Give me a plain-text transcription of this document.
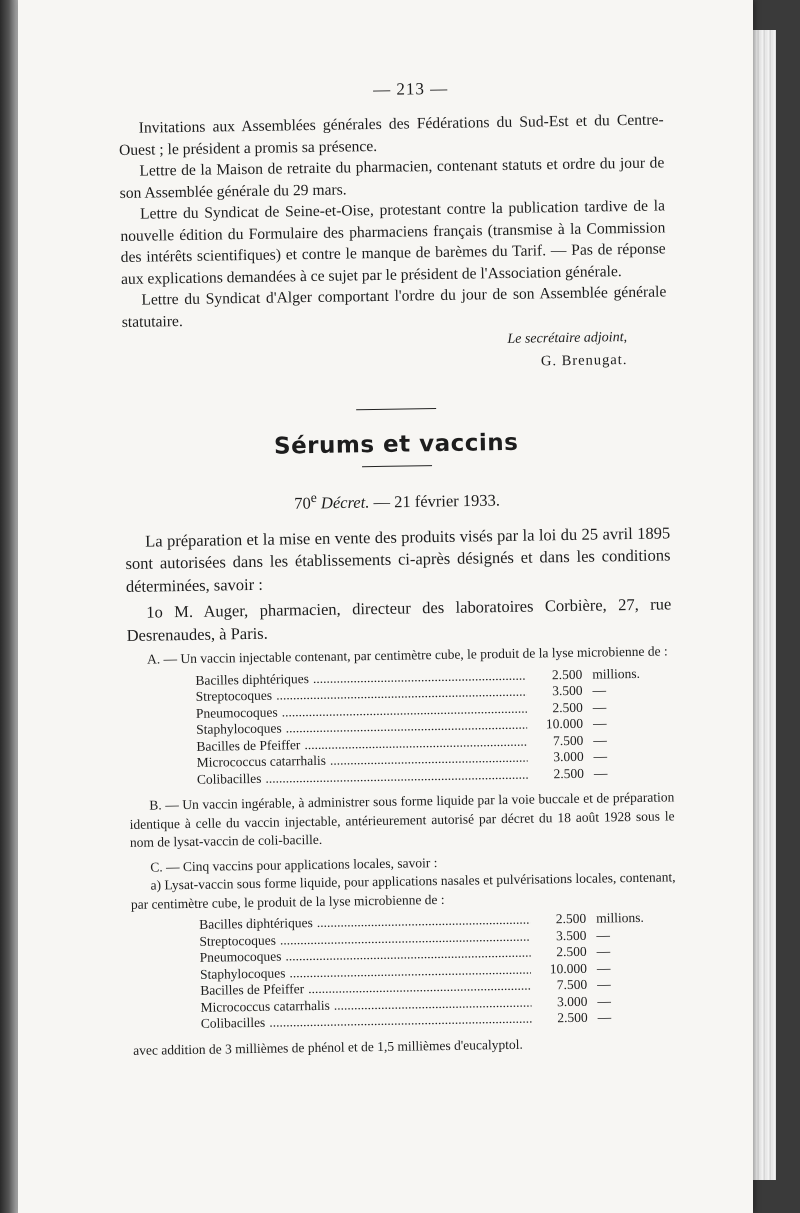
— 213 —

Invitations aux Assemblées générales des Fédérations du Sud-Est et du Centre-Ouest ; le président a promis sa présence.

Lettre de la Maison de retraite du pharmacien, contenant statuts et ordre du jour de son Assemblée générale du 29 mars.

Lettre du Syndicat de Seine-et-Oise, protestant contre la publication tardive de la nouvelle édition du Formulaire des pharmaciens français (transmise à la Commission des intérêts scientifiques) et contre le manque de barèmes du Tarif. — Pas de réponse aux explications demandées à ce sujet par le président de l'Association générale.

Lettre du Syndicat d'Alger comportant l'ordre du jour de son Assemblée générale statutaire.

Le secrétaire adjoint,
G. Brenugat.
Sérums et vaccins
70e Décret. — 21 février 1933.

La préparation et la mise en vente des produits visés par la loi du 25 avril 1895 sont autorisées dans les établissements ci-après désignés et dans les conditions déterminées, savoir :

1o M. Auger, pharmacien, directeur des laboratoires Corbière, 27, rue Desrenaudes, à Paris.

A. — Un vaccin injectable contenant, par centimètre cube, le produit de la lyse microbienne de :

Bacilles diphtériques .....	2.500 millions.
Streptocoques .....	3.500 —
Pneumocoques .....	2.500 —
Staphylocoques .....	10.000 —
Bacilles de Pfeiffer .....	7.500 —
Micrococcus catarrhalis .....	3.000 —
Colibacilles .....	2.500 —

B. — Un vaccin ingérable, à administrer sous forme liquide par la voie buccale et de préparation identique à celle du vaccin injectable, antérieurement autorisé par décret du 18 août 1928 sous le nom de lysat-vaccin de coli-bacille.

C. — Cinq vaccins pour applications locales, savoir :

a) Lysat-vaccin sous forme liquide, pour applications nasales et pulvérisations locales, contenant, par centimètre cube, le produit de la lyse microbienne de :

Bacilles diphtériques .....	2.500 millions.
Streptocoques .....	3.500 —
Pneumocoques .....	2.500 —
Staphylocoques .....	10.000 —
Bacilles de Pfeiffer .....	7.500 —
Micrococcus catarrhalis .....	3.000 —
Colibacilles .....	2.500 —

avec addition de 3 millièmes de phénol et de 1,5 millièmes d'eucalyptol.
